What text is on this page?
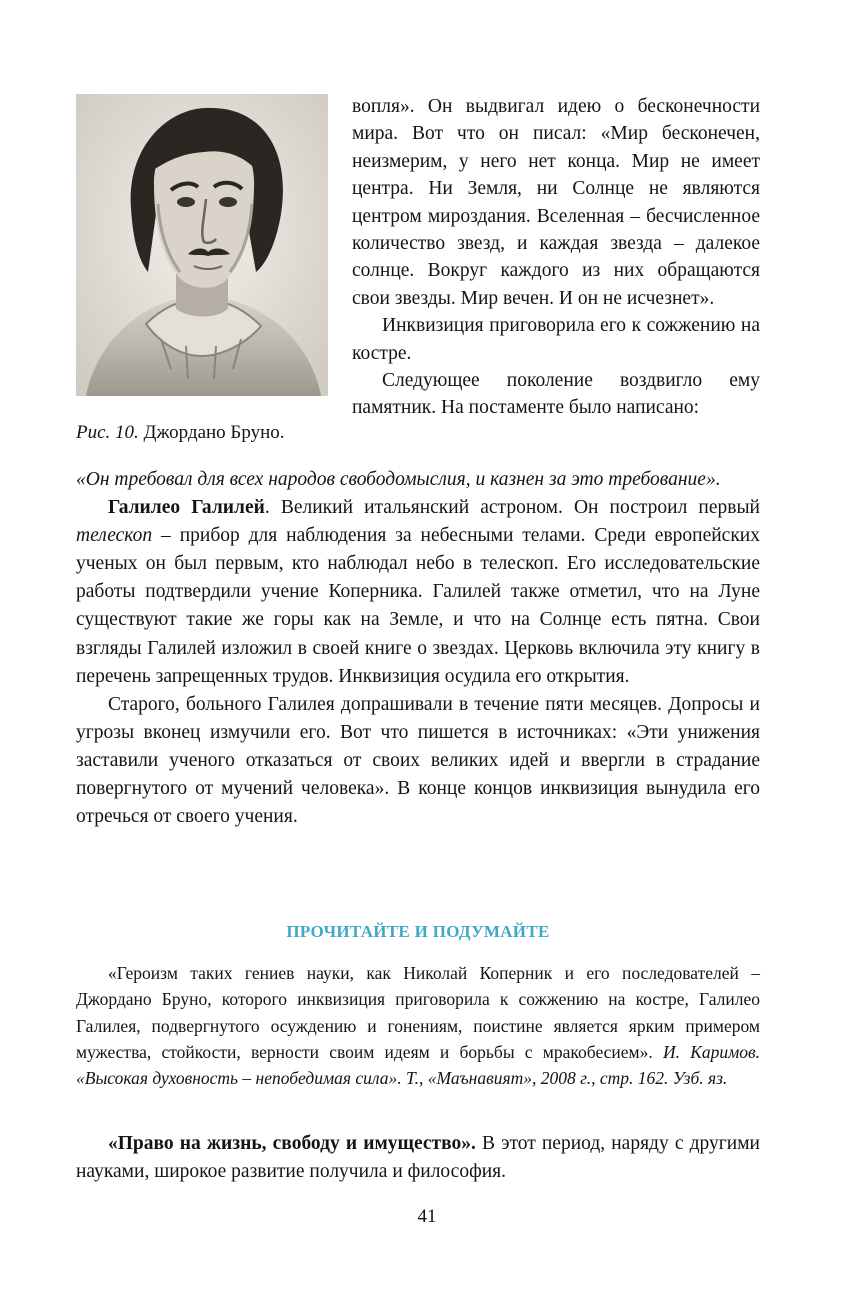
Рис. 10. Джордано Бруно.

вопля». Он выдвигал идею о бесконечности мира. Вот что он писал: «Мир бесконечен, неизмерим, у него нет конца. Мир не имеет центра. Ни Земля, ни Солнце не являются центром мироздания. Вселенная – бесчисленное количество звезд, и каждая звезда – далекое солнце. Вокруг каждого из них обращаются свои звезды. Мир вечен. И он не исчезнет».

Инквизиция приговорила его к сожжению на костре.

Следующее поколение воздвигло ему памятник. На постаменте было написано:

«Он требовал для всех народов свободомыслия, и казнен за это требование».

Галилео Галилей. Великий итальянский астроном. Он построил первый телескоп – прибор для наблюдения за небесными телами. Среди европейских ученых он был первым, кто наблюдал небо в телескоп. Его исследовательские работы подтвердили учение Коперника. Галилей также отметил, что на Луне существуют такие же горы как на Земле, и что на Солнце есть пятна. Свои взгляды Галилей изложил в своей книге о звездах. Церковь включила эту книгу в перечень запрещенных трудов. Инквизиция осудила его открытия.

Старого, больного Галилея допрашивали в течение пяти месяцев. Допросы и угрозы вконец измучили его. Вот что пишется в источниках: «Эти унижения заставили ученого отказаться от своих великих идей и ввергли в страдание повергнутого от мучений человека». В конце концов инквизиция вынудила его отречься от своего учения.

ПРОЧИТАЙТЕ И ПОДУМАЙТЕ

«Героизм таких гениев науки, как Николай Коперник и его последователей – Джордано Бруно, которого инквизиция приговорила к сожжению на костре, Галилео Галилея, подвергнутого осуждению и гонениям, поистине является ярким примером мужества, стойкости, верности своим идеям и борьбы с мракобесием». И. Каримов. «Высокая духовность – непобедимая сила». Т., «Маънавият», 2008 г., стр. 162. Узб. яз.

«Право на жизнь, свободу и имущество». В этот период, наряду с другими науками, широкое развитие получила и философия.

41
